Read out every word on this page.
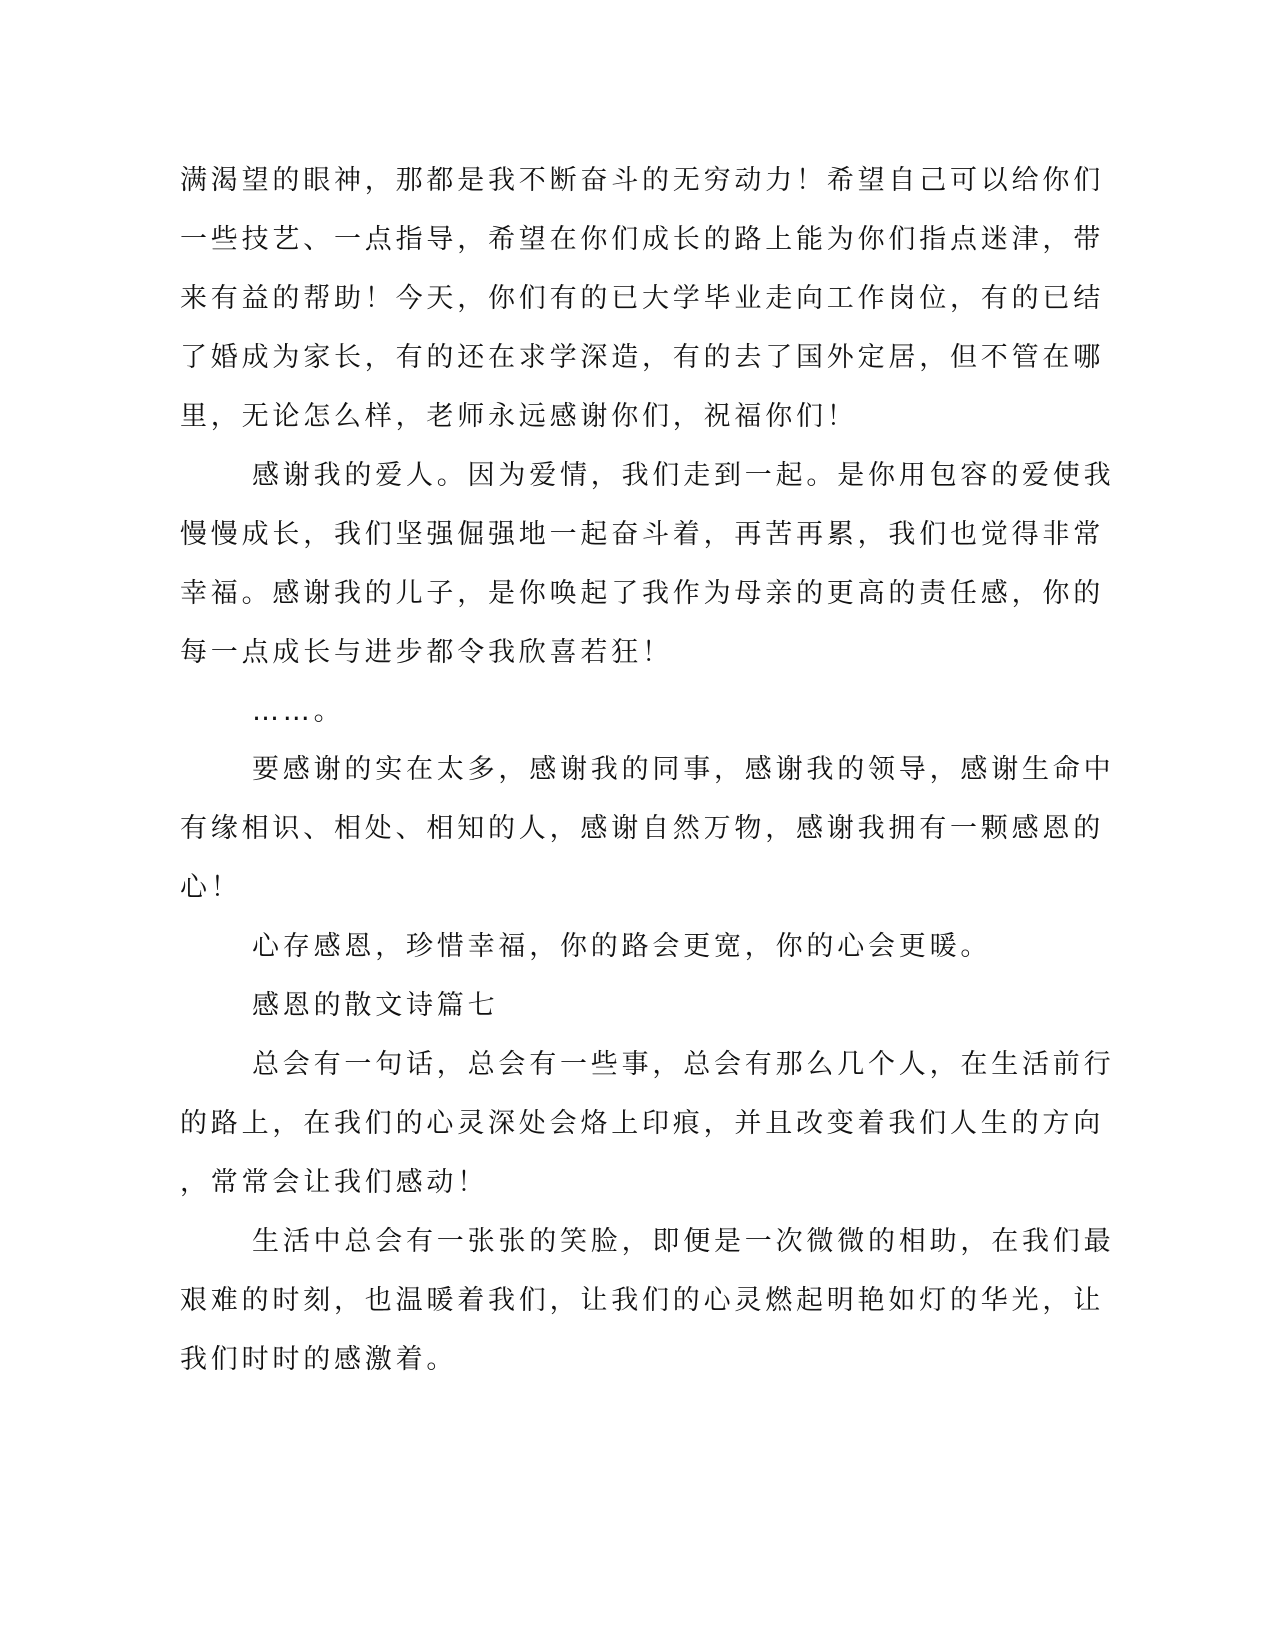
满渴望的眼神，那都是我不断奋斗的无穷动力！希望自己可以给你们

一些技艺、一点指导，希望在你们成长的路上能为你们指点迷津，带

来有益的帮助！今天，你们有的已大学毕业走向工作岗位，有的已结

了婚成为家长，有的还在求学深造，有的去了国外定居，但不管在哪

里，无论怎么样，老师永远感谢你们，祝福你们！

感谢我的爱人。因为爱情，我们走到一起。是你用包容的爱使我

慢慢成长，我们坚强倔强地一起奋斗着，再苦再累，我们也觉得非常

幸福。感谢我的儿子，是你唤起了我作为母亲的更高的责任感，你的

每一点成长与进步都令我欣喜若狂！

……。

要感谢的实在太多，感谢我的同事，感谢我的领导，感谢生命中

有缘相识、相处、相知的人，感谢自然万物，感谢我拥有一颗感恩的

心！

心存感恩，珍惜幸福，你的路会更宽，你的心会更暖。

感恩的散文诗篇七

总会有一句话，总会有一些事，总会有那么几个人，在生活前行

的路上，在我们的心灵深处会烙上印痕，并且改变着我们人生的方向

，常常会让我们感动！

生活中总会有一张张的笑脸，即便是一次微微的相助，在我们最

艰难的时刻，也温暖着我们，让我们的心灵燃起明艳如灯的华光，让

我们时时的感激着。
